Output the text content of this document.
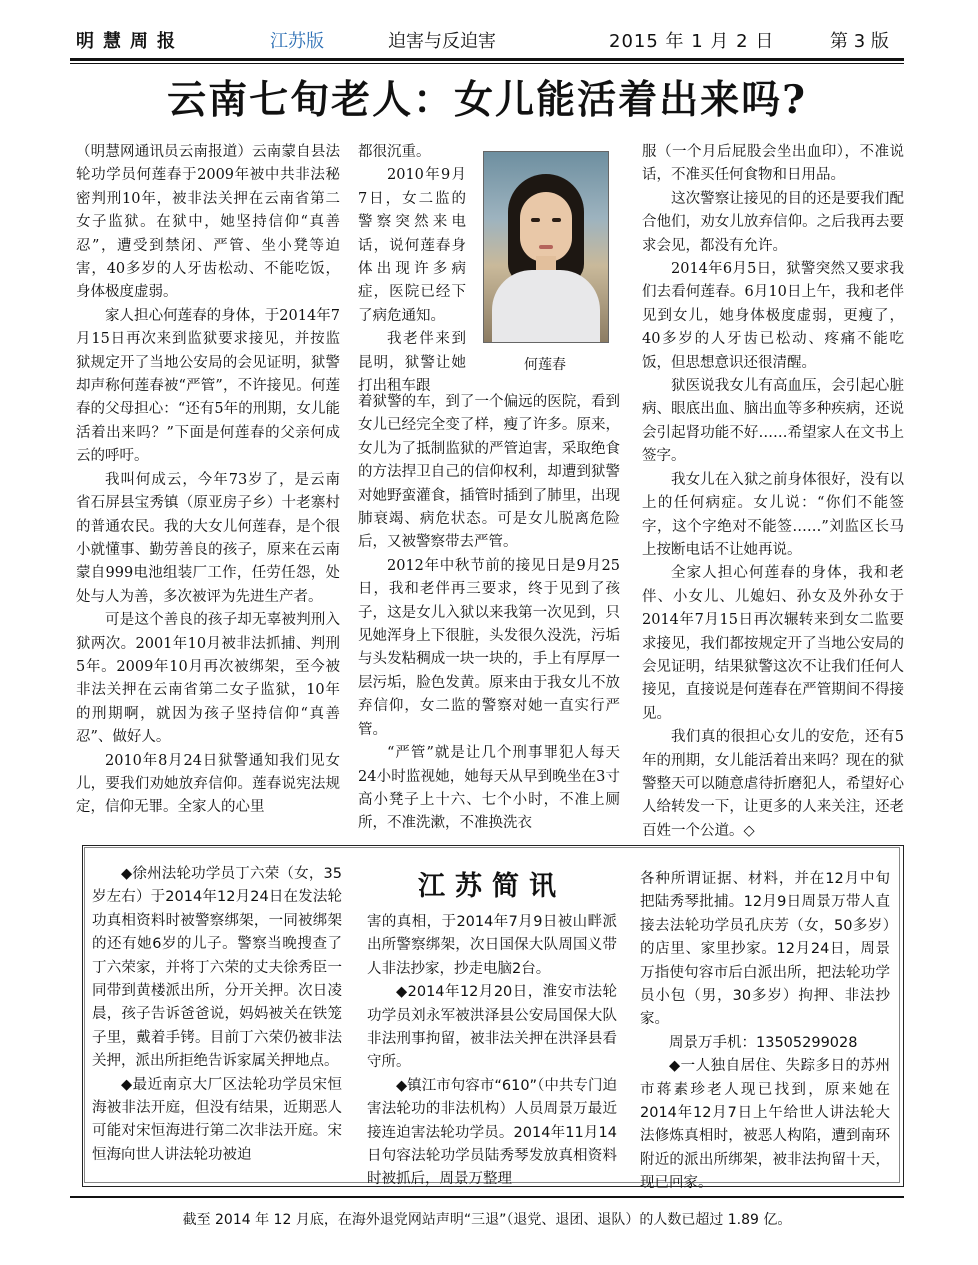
明慧周报	江苏版	迫害与反迫害	2015 年 1 月 2 日	第 3 版
云南七旬老人：女儿能活着出来吗?

（明慧网通讯员云南报道）云南蒙自县法轮功学员何莲春于2009年被中共非法秘密判刑10年，被非法关押在云南省第二女子监狱。在狱中，她坚持信仰“真善忍”，遭受到禁闭、严管、坐小凳等迫害，40多岁的人牙齿松动、不能吃饭，身体极度虚弱。

家人担心何莲春的身体，于2014年7月15日再次来到监狱要求接见，并按监狱规定开了当地公安局的会见证明，狱警却声称何莲春被“严管”，不许接见。何莲春的父母担心：“还有5年的刑期，女儿能活着出来吗？”下面是何莲春的父亲何成云的呼吁。

我叫何成云，今年73岁了，是云南省石屏县宝秀镇（原亚房子乡）十老寨村的普通农民。我的大女儿何莲春，是个很小就懂事、勤劳善良的孩子，原来在云南蒙自999电池组装厂工作，任劳任怨，处处与人为善，多次被评为先进生产者。

可是这个善良的孩子却无辜被判刑入狱两次。2001年10月被非法抓捕、判刑5年。2009年10月再次被绑架，至今被非法关押在云南省第二女子监狱，10年的刑期啊，就因为孩子坚持信仰“真善忍”、做好人。

2010年8月24日狱警通知我们见女儿，要我们劝她放弃信仰。莲春说宪法规定，信仰无罪。全家人的心里

都很沉重。

2010年9月7日，女二监的警察突然来电话，说何莲春身体出现许多病症，医院已经下了病危通知。

我老伴来到昆明，狱警让她打出租车跟

何莲春

着狱警的车，到了一个偏远的医院，看到女儿已经完全变了样，瘦了许多。原来，女儿为了抵制监狱的严管迫害，采取绝食的方法捍卫自己的信仰权利，却遭到狱警对她野蛮灌食，插管时插到了肺里，出现肺衰竭、病危状态。可是女儿脱离危险后，又被警察带去严管。

2012年中秋节前的接见日是9月25日，我和老伴再三要求，终于见到了孩子，这是女儿入狱以来我第一次见到，只见她浑身上下很脏，头发很久没洗，污垢与头发粘稠成一块一块的，手上有厚厚一层污垢，脸色发黄。原来由于我女儿不放弃信仰，女二监的警察对她一直实行严管。

“严管”就是让几个刑事罪犯人每天24小时监视她，她每天从早到晚坐在3寸高小凳子上十六、七个小时，不准上厕所，不准洗漱，不准换洗衣

服（一个月后屁股会坐出血印），不准说话，不准买任何食物和日用品。

这次警察让接见的目的还是要我们配合他们，劝女儿放弃信仰。之后我再去要求会见，都没有允许。

2014年6月5日，狱警突然又要求我们去看何莲春。6月10日上午，我和老伴见到女儿，她身体极度虚弱，更瘦了，40多岁的人牙齿已松动、疼痛不能吃饭，但思想意识还很清醒。

狱医说我女儿有高血压，会引起心脏病、眼底出血、脑出血等多种疾病，还说会引起肾功能不好……希望家人在文书上签字。

我女儿在入狱之前身体很好，没有以上的任何病症。女儿说：“你们不能签字，这个字绝对不能签……”刘监区长马上按断电话不让她再说。

全家人担心何莲春的身体，我和老伴、小女儿、儿媳妇、孙女及外孙女于2014年7月15日再次辗转来到女二监要求接见，我们都按规定开了当地公安局的会见证明，结果狱警这次不让我们任何人接见，直接说是何莲春在严管期间不得接见。

我们真的很担心女儿的安危，还有5年的刑期，女儿能活着出来吗？现在的狱警整天可以随意虐待折磨犯人，希望好心人给转发一下，让更多的人来关注，还老百姓一个公道。◇

江苏简讯

◆徐州法轮功学员丁六荣（女，35岁左右）于2014年12月24日在发法轮功真相资料时被警察绑架，一同被绑架的还有她6岁的儿子。警察当晚搜查了丁六荣家，并将丁六荣的丈夫徐秀臣一同带到黄楼派出所，分开关押。次日凌晨，孩子告诉爸爸说，妈妈被关在铁笼子里，戴着手铐。目前丁六荣仍被非法关押，派出所拒绝告诉家属关押地点。

◆最近南京大厂区法轮功学员宋恒海被非法开庭，但没有结果，近期恶人可能对宋恒海进行第二次非法开庭。宋恒海向世人讲法轮功被迫

害的真相，于2014年7月9日被山畔派出所警察绑架，次日国保大队周国义带人非法抄家，抄走电脑2台。

◆2014年12月20日，淮安市法轮功学员刘永军被洪泽县公安局国保大队非法刑事拘留，被非法关押在洪泽县看守所。

◆镇江市句容市“610”（中共专门迫害法轮功的非法机构）人员周景万最近接连迫害法轮功学员。2014年11月14日句容法轮功学员陆秀琴发放真相资料时被抓后，周景万整理

各种所谓证据、材料，并在12月中旬把陆秀琴批捕。12月9日周景万带人直接去法轮功学员孔庆芳（女，50多岁）的店里、家里抄家。12月24日，周景万指使句容市后白派出所，把法轮功学员小包（男，30多岁）拘押、非法抄家。

周景万手机：13505299028

◆一人独自居住、失踪多日的苏州市蒋素珍老人现已找到，原来她在2014年12月7日上午给世人讲法轮大法修炼真相时，被恶人构陷，遭到南环附近的派出所绑架，被非法拘留十天，现已回家。

截至 2014 年 12 月底，在海外退党网站声明“三退”（退党、退团、退队）的人数已超过 1.89 亿。
